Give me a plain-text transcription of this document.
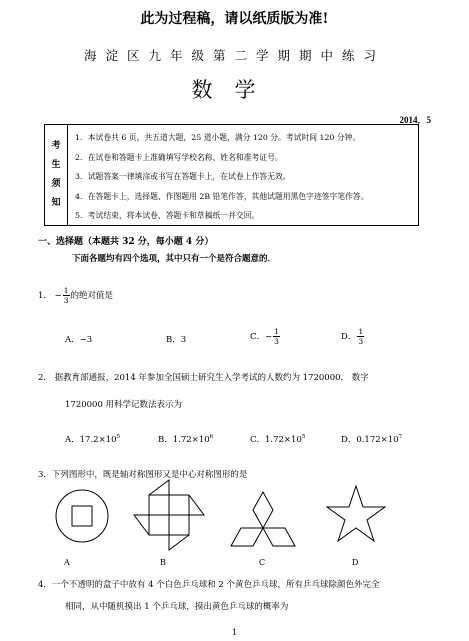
此为过程稿，请以纸质版为准!
海淀区九年级第二学期期中练习
数学
2014．5
考
生
须
知
1．本试卷共 6 页，共五道大题，25 道小题，满分 120 分。考试时间 120 分钟。
2．在试卷和答题卡上准确填写学校名称、姓名和准考证号。
3．试题答案一律填涂或书写在答题卡上，在试卷上作答无效。
4．在答题卡上，选择题、作图题用 2B 铅笔作答，其他试题用黑色字迹签字笔作答。
5．考试结束，将本试卷、答题卡和草稿纸一并交回。
一、选择题（本题共 32 分，每小题 4 分）
下面各题均有四个选项，其中只有一个是符合题意的．
1． − $\frac{1}{3}$ 的绝对值是
A．−3	B．3	C．− $\frac{1}{3}$	D． $\frac{1}{3}$
2． 据教育部通报，2014 年参加全国硕士研究生入学考试的人数约为 1720000． 数字
1720000 用科学记数法表示为
A．$17.2\times 10^5$	B．$1.72\times 10^6$	C．$1.72\times 10^5$	D．$0.172\times 10^7$
3．下列图形中，既是轴对称图形又是中心对称图形的是
A	B	C	D
4．一个不透明的盒子中放有 4 个白色乒乓球和 2 个黄色乒乓球，所有乒乓球除颜色外完全
相同，从中随机摸出 1 个乒乓球，摸出黄色乒乓球的概率为
1
